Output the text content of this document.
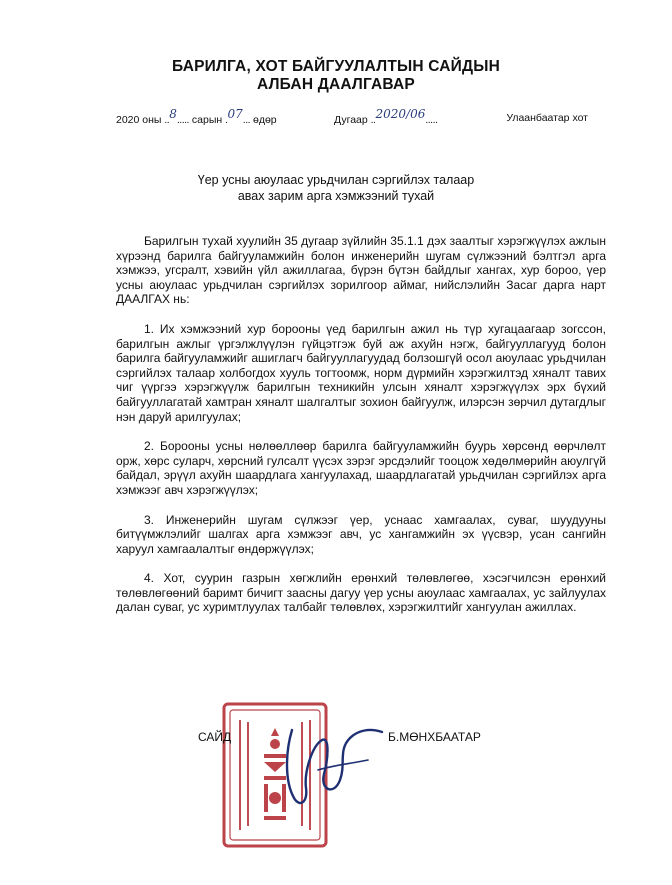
БАРИЛГА, ХОТ БАЙГУУЛАЛТЫН САЙДЫН
АЛБАН ДААЛГАВАР
2020 оны ..8..... сарын .07... өдөр	Дугаар ..2020/06.....	Улаанбаатар хот
Үер усны аюулаас урьдчилан сэргийлэх талаар
авах зарим арга хэмжээний тухай

Барилгын тухай хуулийн 35 дугаар зүйлийн 35.1.1 дэх заалтыг хэрэгжүүлэх ажлын хүрээнд барилга байгууламжийн болон инженерийн шугам сүлжээний бэлтгэл арга хэмжээ, угсралт, хэвийн үйл ажиллагаа, бүрэн бүтэн байдлыг хангах, хур бороо, үер усны аюулаас урьдчилан сэргийлэх зорилгоор аймаг, нийслэлийн Засаг дарга нарт ДААЛГАХ нь:

1. Их хэмжээний хур борооны үед барилгын ажил нь түр хугацаагаар зогссон, барилгын ажлыг үргэлжлүүлэн гүйцэтгэж буй аж ахуйн нэгж, байгууллагууд болон барилга байгууламжийг ашиглагч байгууллагуудад болзошгүй осол аюулаас урьдчилан сэргийлэх талаар холбогдох хууль тогтоомж, норм дүрмийн хэрэгжилтэд хяналт тавих чиг үүргээ хэрэгжүүлж барилгын техникийн улсын хяналт хэрэгжүүлэх эрх бүхий байгууллагатай хамтран хяналт шалгалтыг зохион байгуулж, илэрсэн зөрчил дутагдлыг нэн даруй арилгуулах;

2. Борооны усны нөлөөллөөр барилга байгууламжийн буурь хөрсөнд өөрчлөлт орж, хөрс суларч, хөрсний гулсалт үүсэх зэрэг эрсдэлийг тооцож хөдөлмөрийн аюулгүй байдал, эрүүл ахуйн шаардлага хангуулахад, шаардлагатай урьдчилан сэргийлэх арга хэмжээг авч хэрэгжүүлэх;

3. Инженерийн шугам сүлжээг үер, уснаас хамгаалах, суваг, шуудууны битүүмжлэлийг шалгах арга хэмжээг авч, ус хангамжийн эх үүсвэр, усан сангийн харуул хамгаалалтыг өндөржүүлэх;

4. Хот, суурин газрын хөгжлийн ерөнхий төлөвлөгөө, хэсэгчилсэн ерөнхий төлөвлөгөөний баримт бичигт заасны дагуу үер усны аюулаас хамгаалах, ус зайлуулах далан суваг, ус хуримтлуулах талбайг төлөвлөх, хэрэгжилтийг хангуулан ажиллах.

САЙД	Б.МӨНХБААТАР
